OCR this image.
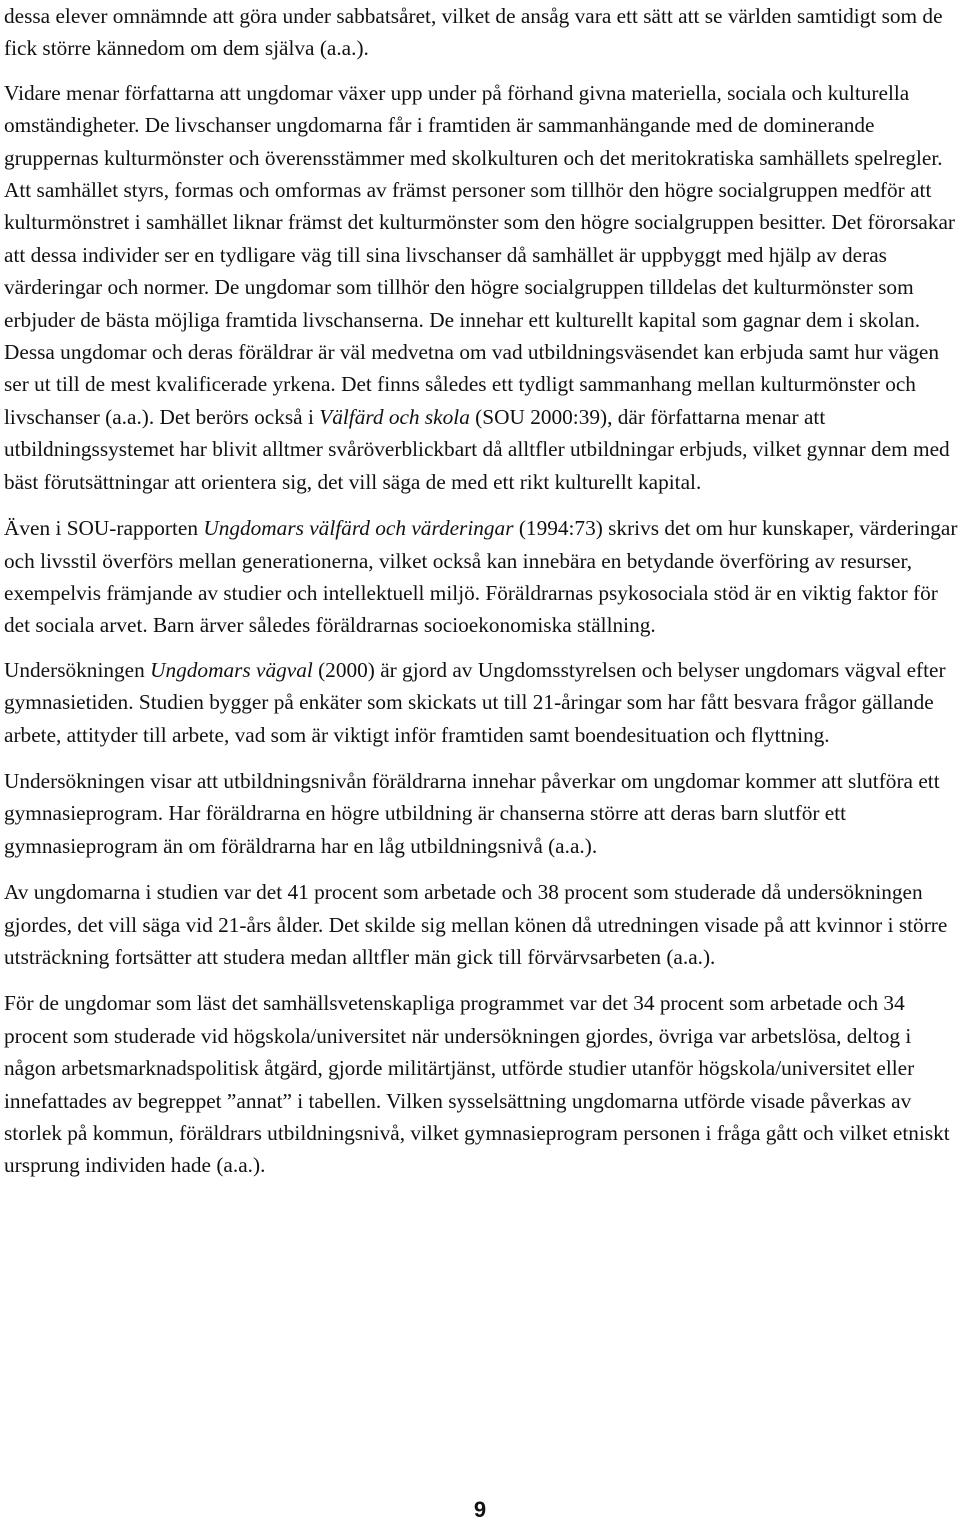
dessa elever omnämnde att göra under sabbatsåret, vilket de ansåg vara ett sätt att se världen samtidigt som de fick större kännedom om dem själva (a.a.).

Vidare menar författarna att ungdomar växer upp under på förhand givna materiella, sociala och kulturella omständigheter. De livschanser ungdomarna får i framtiden är sammanhängande med de dominerande gruppernas kulturmönster och överensstämmer med skolkulturen och det meritokratiska samhällets spelregler. Att samhället styrs, formas och omformas av främst personer som tillhör den högre socialgruppen medför att kulturmönstret i samhället liknar främst det kulturmönster som den högre socialgruppen besitter. Det förorsakar att dessa individer ser en tydligare väg till sina livschanser då samhället är uppbyggt med hjälp av deras värderingar och normer. De ungdomar som tillhör den högre socialgruppen tilldelas det kulturmönster som erbjuder de bästa möjliga framtida livschanserna. De innehar ett kulturellt kapital som gagnar dem i skolan. Dessa ungdomar och deras föräldrar är väl medvetna om vad utbildningsväsendet kan erbjuda samt hur vägen ser ut till de mest kvalificerade yrkena. Det finns således ett tydligt sammanhang mellan kulturmönster och livschanser (a.a.). Det berörs också i Välfärd och skola (SOU 2000:39), där författarna menar att utbildningssystemet har blivit alltmer svåröverblickbart då alltfler utbildningar erbjuds, vilket gynnar dem med bäst förutsättningar att orientera sig, det vill säga de med ett rikt kulturellt kapital.

Även i SOU-rapporten Ungdomars välfärd och värderingar (1994:73) skrivs det om hur kunskaper, värderingar och livsstil överförs mellan generationerna, vilket också kan innebära en betydande överföring av resurser, exempelvis främjande av studier och intellektuell miljö. Föräldrarnas psykosociala stöd är en viktig faktor för det sociala arvet. Barn ärver således föräldrarnas socioekonomiska ställning.

Undersökningen Ungdomars vägval (2000) är gjord av Ungdomsstyrelsen och belyser ungdomars vägval efter gymnasietiden. Studien bygger på enkäter som skickats ut till 21-åringar som har fått besvara frågor gällande arbete, attityder till arbete, vad som är viktigt inför framtiden samt boendesituation och flyttning.

Undersökningen visar att utbildningsnivån föräldrarna innehar påverkar om ungdomar kommer att slutföra ett gymnasieprogram. Har föräldrarna en högre utbildning är chanserna större att deras barn slutför ett gymnasieprogram än om föräldrarna har en låg utbildningsnivå (a.a.).

Av ungdomarna i studien var det 41 procent som arbetade och 38 procent som studerade då undersökningen gjordes, det vill säga vid 21-års ålder. Det skilde sig mellan könen då utredningen visade på att kvinnor i större utsträckning fortsätter att studera medan alltfler män gick till förvärvsarbeten (a.a.).

För de ungdomar som läst det samhällsvetenskapliga programmet var det 34 procent som arbetade och 34 procent som studerade vid högskola/universitet när undersökningen gjordes, övriga var arbetslösa, deltog i någon arbetsmarknadspolitisk åtgärd, gjorde militärtjänst, utförde studier utanför högskola/universitet eller innefattades av begreppet ”annat” i tabellen. Vilken sysselsättning ungdomarna utförde visade påverkas av storlek på kommun, föräldrars utbildningsnivå, vilket gymnasieprogram personen i fråga gått och vilket etniskt ursprung individen hade (a.a.).

9
